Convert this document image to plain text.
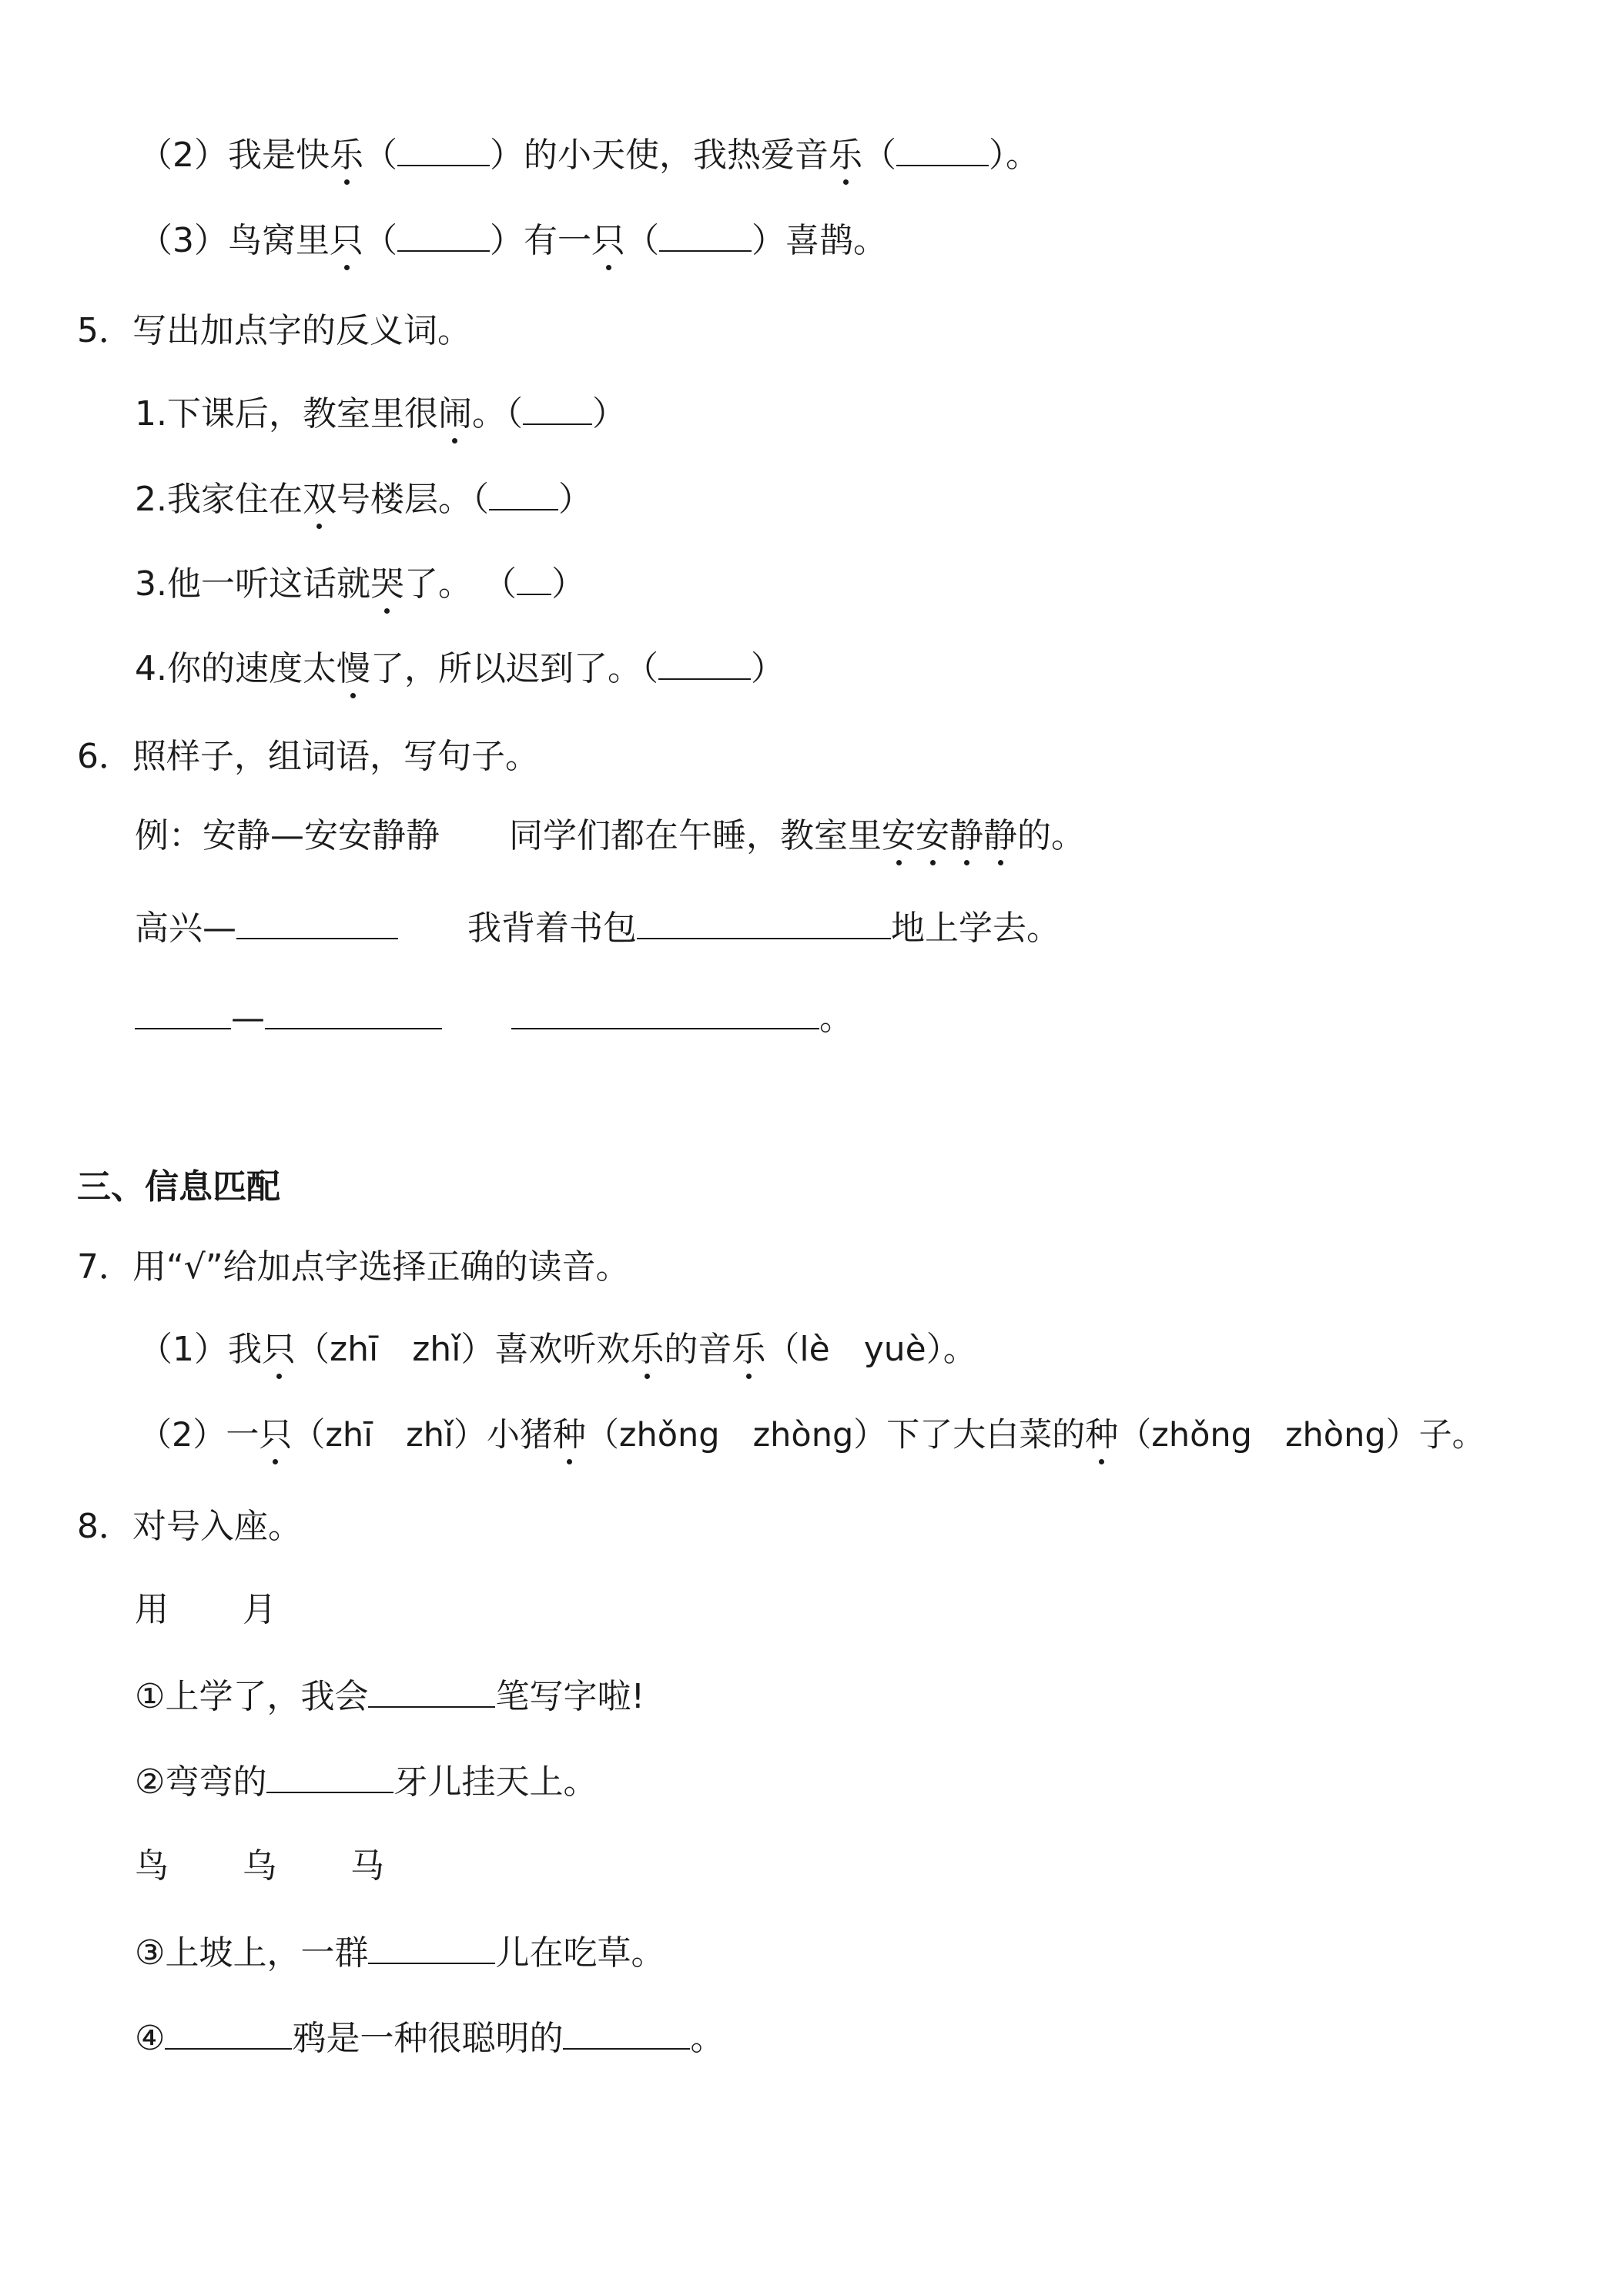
（2）我是快乐（	）的小天使，我热爱音乐（	）。
（3）鸟窝里只（	）有一只（	）喜鹊。
5．写出加点字的反义词。
1.下课后，教室里很闹。（ ）
2.我家住在双号楼层。（ ）
3.他一听这话就哭了。 （ ）
4.你的速度太慢了，所以迟到了。（	）
6．照样子，组词语，写句子。
例：安静—安安静静 同学们都在午睡，教室里安安静静的。
高兴—	我背着书包	地上学去。
—	。
三、信息匹配
7．用“√”给加点字选择正确的读音。
（1）我只（zhī　zhǐ）喜欢听欢乐的音乐（lè　yuè）。
（2）一只（zhī　zhǐ）小猪种（zhǒng　zhòng）下了大白菜的种（zhǒng　zhòng）子。
8．对号入座。
用 月
①上学了，我会	笔写字啦!
②弯弯的	牙儿挂天上。
鸟 乌 马
③上坡上，一群	儿在吃草。
④	鸦是一种很聪明的	。
